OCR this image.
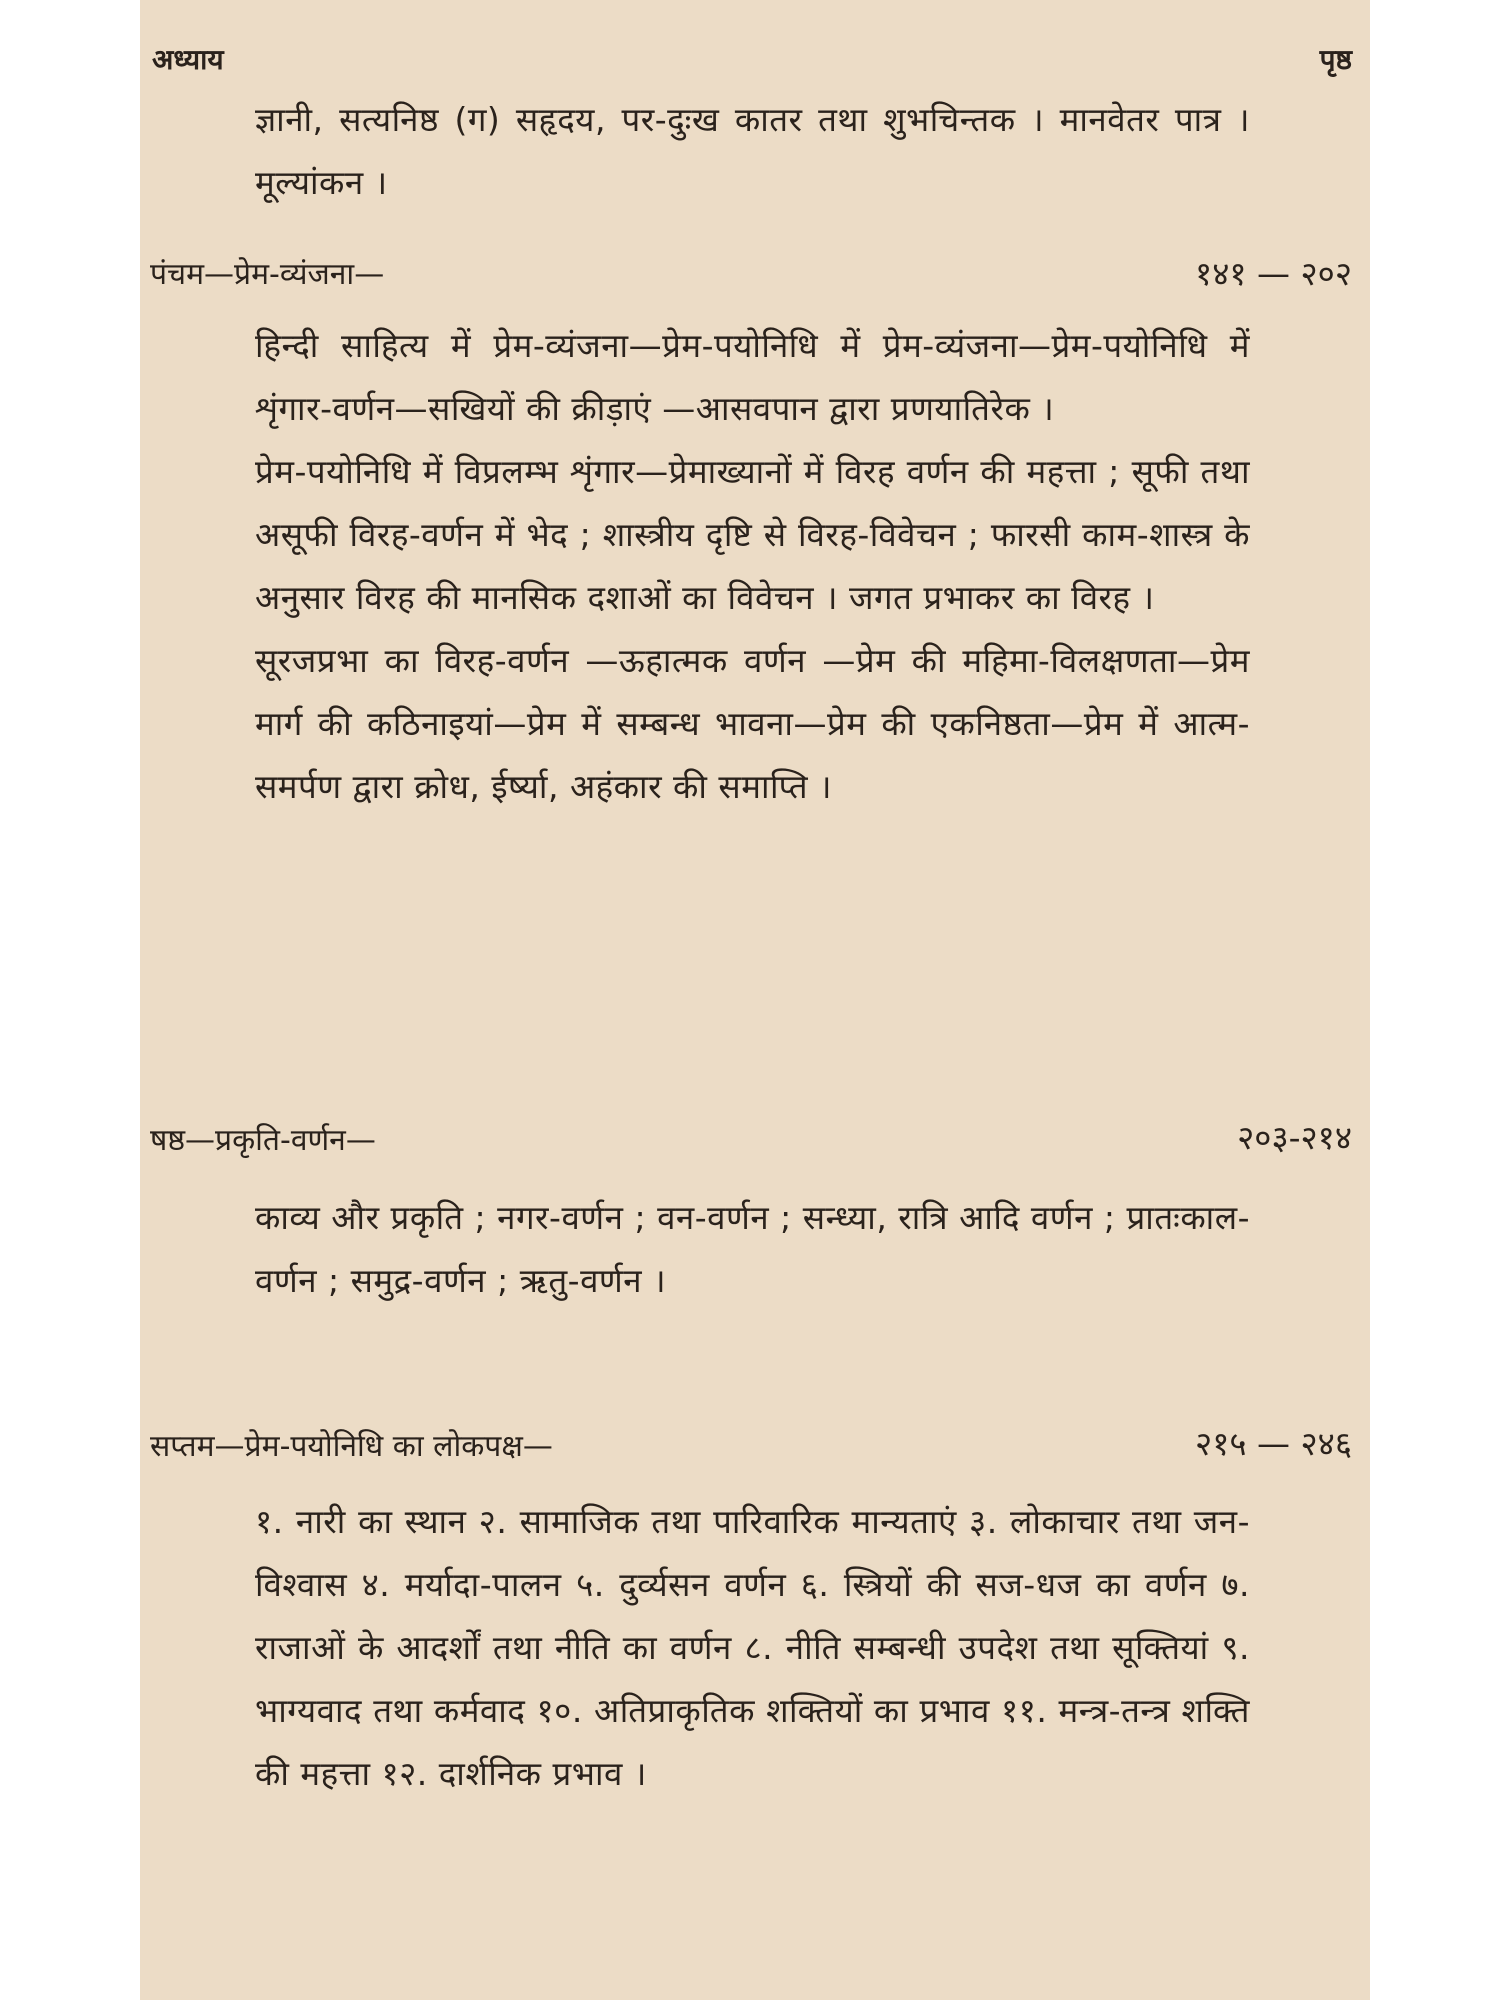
अध्याय	पृष्ठ

ज्ञानी, सत्यनिष्ठ (ग) सहृदय, पर-दुःख कातर तथा शुभचिन्तक । मानवेतर पात्र । मूल्यांकन ।

पंचम—प्रेम-व्यंजना—	१४१ — २०२

हिन्दी साहित्य में प्रेम-व्यंजना—प्रेम-पयोनिधि में प्रेम-व्यंजना—प्रेम-पयोनिधि में शृंगार-वर्णन—सखियों की क्रीड़ाएं —आसवपान द्वारा प्रणयातिरेक ।

प्रेम-पयोनिधि में विप्रलम्भ शृंगार—प्रेमाख्यानों में विरह वर्णन की महत्ता ; सूफी तथा असूफी विरह-वर्णन में भेद ; शास्त्रीय दृष्टि से विरह-विवेचन ; फारसी काम-शास्त्र के अनुसार विरह की मानसिक दशाओं का विवेचन । जगत प्रभाकर का विरह ।

सूरजप्रभा का विरह-वर्णन —ऊहात्मक वर्णन —प्रेम की महिमा-विलक्षणता—प्रेम मार्ग की कठिनाइयां—प्रेम में सम्बन्ध भावना—प्रेम की एकनिष्ठता—प्रेम में आत्म-समर्पण द्वारा क्रोध, ईर्ष्या, अहंकार की समाप्ति ।

षष्ठ—प्रकृति-वर्णन—	२०३-२१४

काव्य और प्रकृति ; नगर-वर्णन ; वन-वर्णन ; सन्ध्या, रात्रि आदि वर्णन ; प्रातःकाल-वर्णन ; समुद्र-वर्णन ; ऋतु-वर्णन ।

सप्तम—प्रेम-पयोनिधि का लोकपक्ष—	२१५ — २४६

१. नारी का स्थान २. सामाजिक तथा पारिवारिक मान्यताएं ३. लोकाचार तथा जन-विश्वास ४. मर्यादा-पालन ५. दुर्व्यसन वर्णन ६. स्त्रियों की सज-धज का वर्णन ७. राजाओं के आदर्शों तथा नीति का वर्णन ८. नीति सम्बन्धी उपदेश तथा सूक्तियां ९. भाग्यवाद तथा कर्मवाद १०. अतिप्राकृतिक शक्तियों का प्रभाव ११. मन्त्र-तन्त्र शक्ति की महत्ता १२. दार्शनिक प्रभाव ।
